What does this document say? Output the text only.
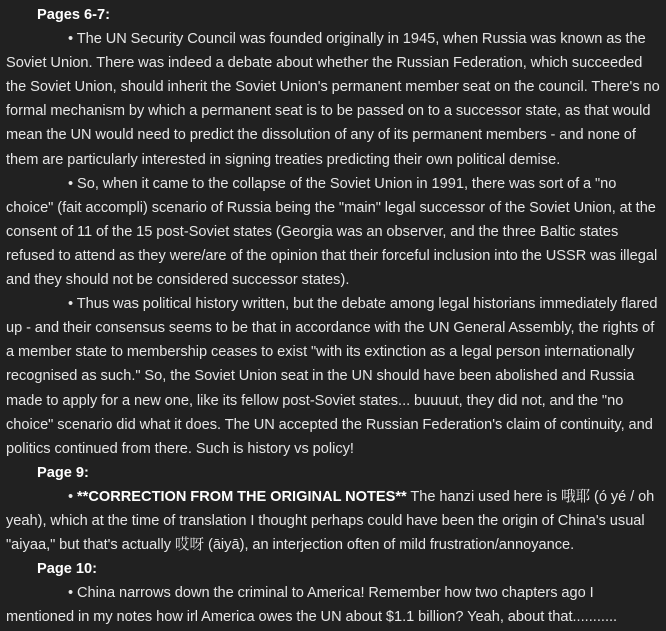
Pages 6-7:

• The UN Security Council was founded originally in 1945, when Russia was known as the Soviet Union. There was indeed a debate about whether the Russian Federation, which succeeded the Soviet Union, should inherit the Soviet Union's permanent member seat on the council. There's no formal mechanism by which a permanent seat is to be passed on to a successor state, as that would mean the UN would need to predict the dissolution of any of its permanent members - and none of them are particularly interested in signing treaties predicting their own political demise.

• So, when it came to the collapse of the Soviet Union in 1991, there was sort of a "no choice" (fait accompli) scenario of Russia being the "main" legal successor of the Soviet Union, at the consent of 11 of the 15 post-Soviet states (Georgia was an observer, and the three Baltic states refused to attend as they were/are of the opinion that their forceful inclusion into the USSR was illegal and they should not be considered successor states).

• Thus was political history written, but the debate among legal historians immediately flared up - and their consensus seems to be that in accordance with the UN General Assembly, the rights of a member state to membership ceases to exist "with its extinction as a legal person internationally recognised as such." So, the Soviet Union seat in the UN should have been abolished and Russia made to apply for a new one, like its fellow post-Soviet states... buuuut, they did not, and the "no choice" scenario did what it does. The UN accepted the Russian Federation's claim of continuity, and politics continued from there. Such is history vs policy!

Page 9:

• **CORRECTION FROM THE ORIGINAL NOTES** The hanzi used here is 哦耶 (ó yé / oh yeah), which at the time of translation I thought perhaps could have been the origin of China's usual "aiyaa," but that's actually 哎呀 (āiyā), an interjection often of mild frustration/annoyance.

Page 10:

• China narrows down the criminal to America! Remember how two chapters ago I mentioned in my notes how irl America owes the UN about $1.1 billion? Yeah, about that...........
